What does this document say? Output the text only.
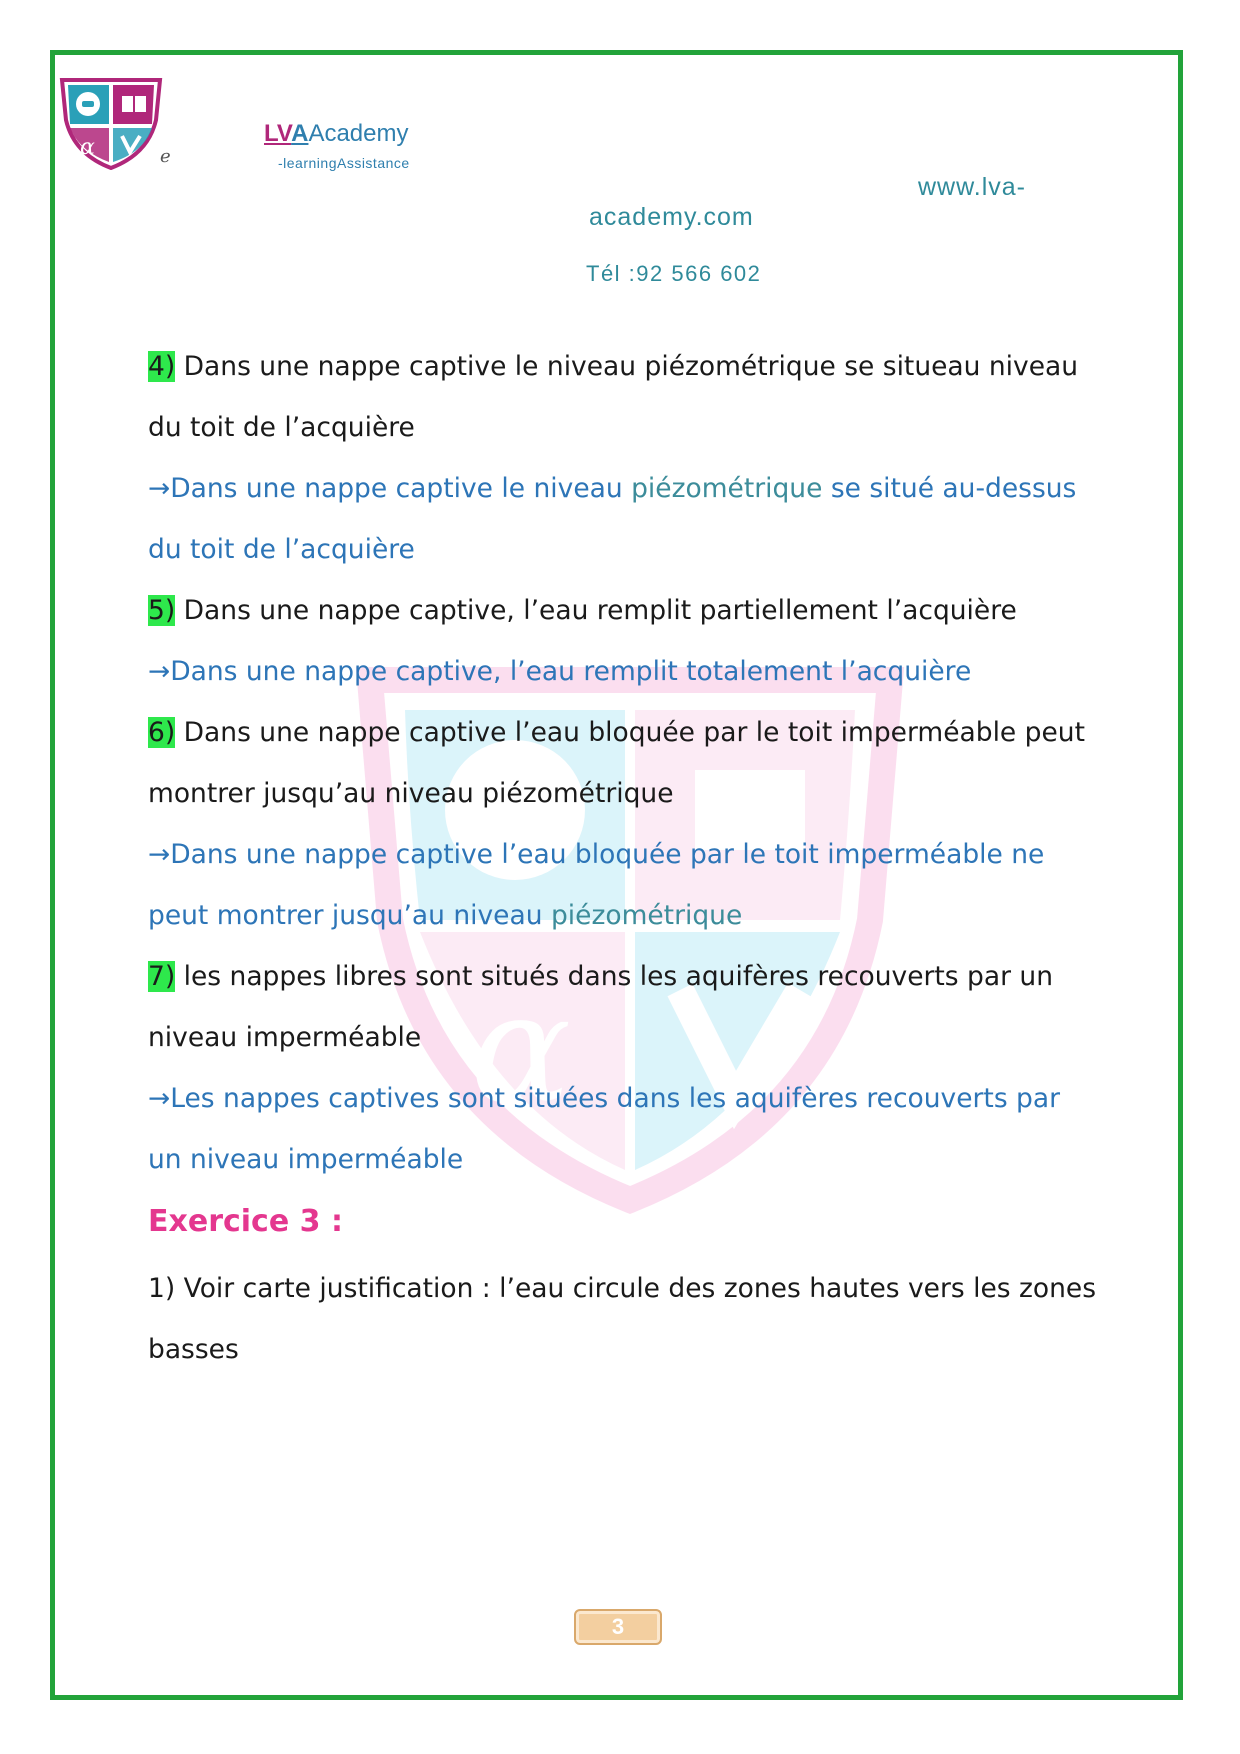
α	e
LVAAcademy
-learningAssistance
www.lva-
academy.com
Tél :92 566 602
α

4) Dans une nappe captive le niveau piézométrique se situeau niveau du toit de l’acquière

→Dans une nappe captive le niveau piézométrique se situé au-dessus du toit de l’acquière

5) Dans une nappe captive, l’eau remplit partiellement l’acquière

→Dans une nappe captive, l’eau remplit totalement l’acquière

6) Dans une nappe captive l’eau bloquée par le toit imperméable peut montrer jusqu’au niveau piézométrique

→Dans une nappe captive l’eau bloquée par le toit imperméable ne peut montrer jusqu’au niveau piézométrique

7) les nappes libres sont situés dans les aquifères recouverts par un niveau imperméable

→Les nappes captives sont situées dans les aquifères recouverts par un niveau imperméable

Exercice 3 :

1) Voir carte justification : l’eau circule des zones hautes vers les zones basses

3
